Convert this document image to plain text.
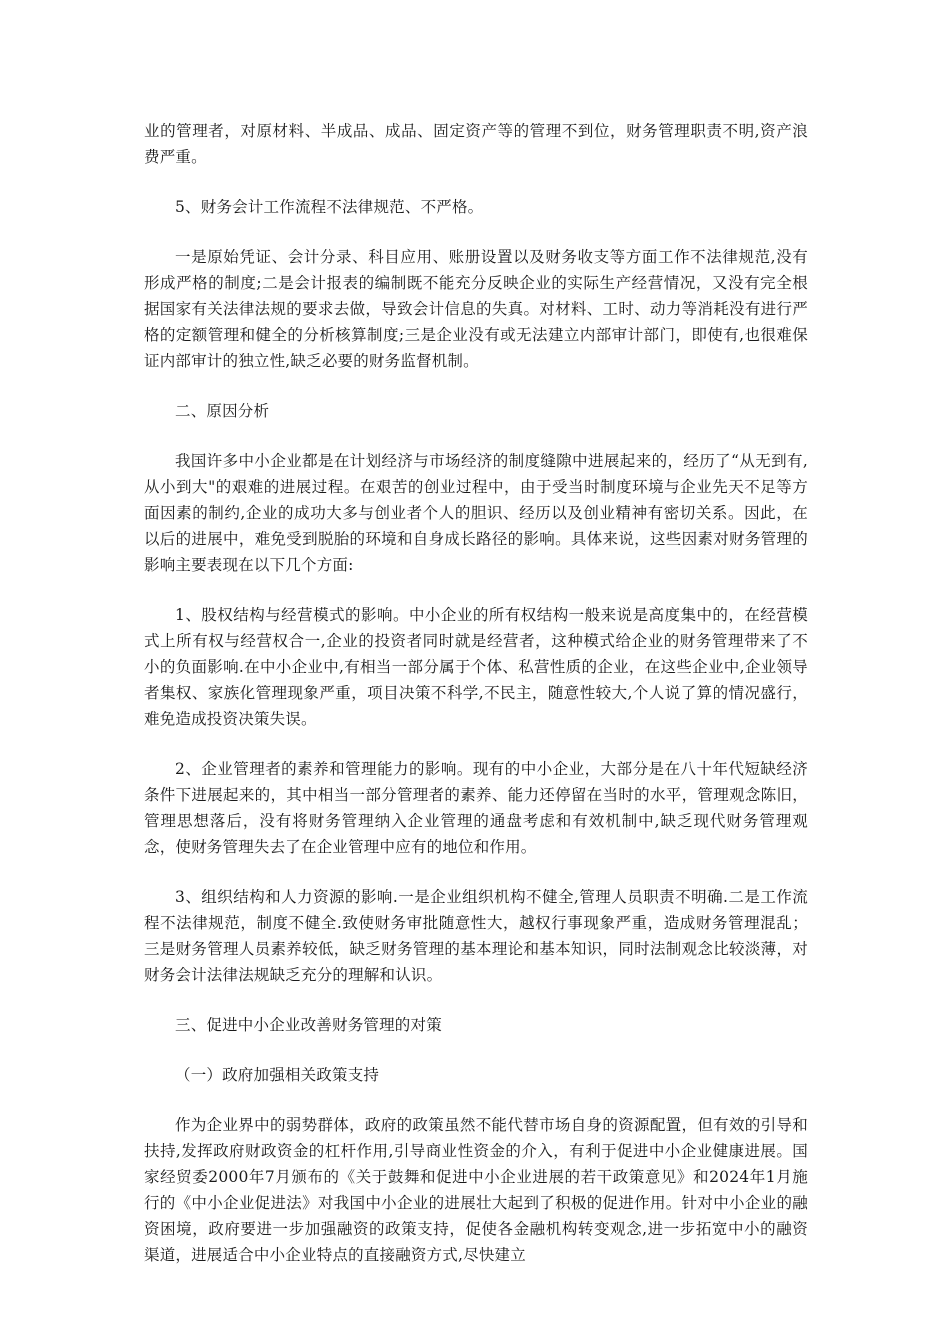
业的管理者，对原材料、半成品、成品、固定资产等的管理不到位，财务管理职责不明,资产浪费严重。

5、财务会计工作流程不法律规范、不严格。

一是原始凭证、会计分录、科目应用、账册设置以及财务收支等方面工作不法律规范,没有形成严格的制度;二是会计报表的编制既不能充分反映企业的实际生产经营情况，又没有完全根据国家有关法律法规的要求去做，导致会计信息的失真。对材料、工时、动力等消耗没有进行严格的定额管理和健全的分析核算制度;三是企业没有或无法建立内部审计部门，即使有,也很难保证内部审计的独立性,缺乏必要的财务监督机制。

二、原因分析

我国许多中小企业都是在计划经济与市场经济的制度缝隙中进展起来的，经历了“从无到有,从小到大"的艰难的进展过程。在艰苦的创业过程中，由于受当时制度环境与企业先天不足等方面因素的制约,企业的成功大多与创业者个人的胆识、经历以及创业精神有密切关系。因此，在以后的进展中，难免受到脱胎的环境和自身成长路径的影响。具体来说，这些因素对财务管理的影响主要表现在以下几个方面:

1、股权结构与经营模式的影响。中小企业的所有权结构一般来说是高度集中的，在经营模式上所有权与经营权合一,企业的投资者同时就是经营者，这种模式给企业的财务管理带来了不小的负面影响.在中小企业中,有相当一部分属于个体、私营性质的企业，在这些企业中,企业领导者集权、家族化管理现象严重，项目决策不科学,不民主，随意性较大,个人说了算的情况盛行，难免造成投资决策失误。

2、企业管理者的素养和管理能力的影响。现有的中小企业，大部分是在八十年代短缺经济条件下进展起来的，其中相当一部分管理者的素养、能力还停留在当时的水平，管理观念陈旧，管理思想落后，没有将财务管理纳入企业管理的通盘考虑和有效机制中,缺乏现代财务管理观念，使财务管理失去了在企业管理中应有的地位和作用。

3、组织结构和人力资源的影响.一是企业组织机构不健全,管理人员职责不明确.二是工作流程不法律规范，制度不健全.致使财务审批随意性大，越权行事现象严重，造成财务管理混乱；三是财务管理人员素养较低，缺乏财务管理的基本理论和基本知识，同时法制观念比较淡薄，对财务会计法律法规缺乏充分的理解和认识。

三、促进中小企业改善财务管理的对策

（一）政府加强相关政策支持

作为企业界中的弱势群体，政府的政策虽然不能代替市场自身的资源配置，但有效的引导和扶持,发挥政府财政资金的杠杆作用,引导商业性资金的介入，有利于促进中小企业健康进展。国家经贸委2000年7月颁布的《关于鼓舞和促进中小企业进展的若干政策意见》和2024年1月施行的《中小企业促进法》对我国中小企业的进展壮大起到了积极的促进作用。针对中小企业的融资困境，政府要进一步加强融资的政策支持，促使各金融机构转变观念,进一步拓宽中小的融资渠道，进展适合中小企业特点的直接融资方式,尽快建立
